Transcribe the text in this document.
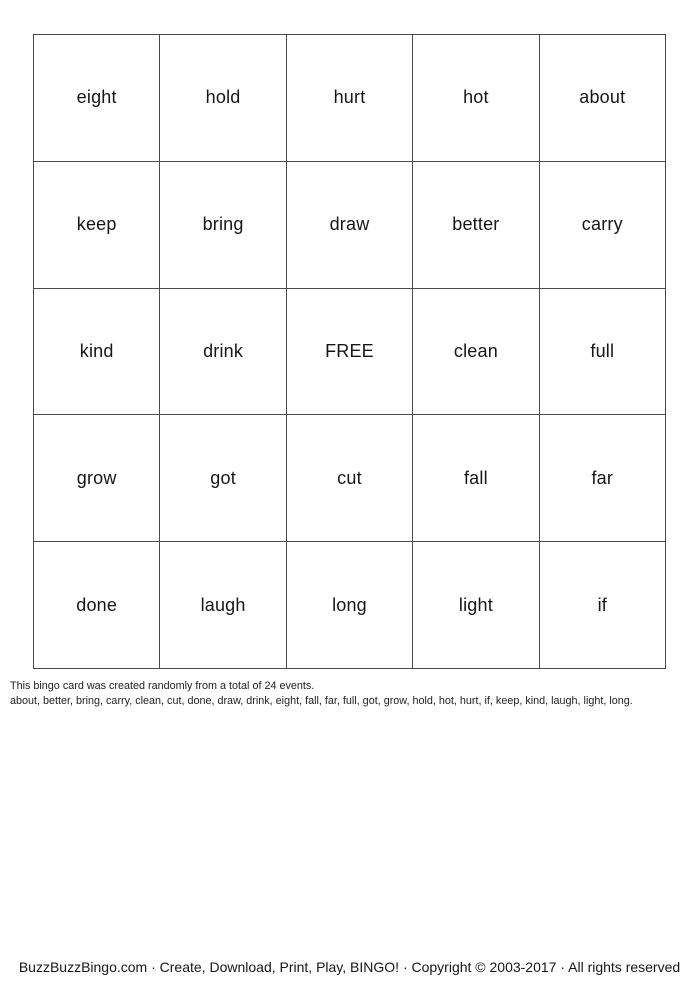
eight	hold	hurt	hot	about
keep	bring	draw	better	carry
kind	drink	FREE	clean	full
grow	got	cut	fall	far
done	laugh	long	light	if
This bingo card was created randomly from a total of 24 events.
about, better, bring, carry, clean, cut, done, draw, drink, eight, fall, far, full, got, grow, hold, hot, hurt, if, keep, kind, laugh, light, long.
BuzzBuzzBingo.com · Create, Download, Print, Play, BINGO! · Copyright © 2003-2017 · All rights reserved
